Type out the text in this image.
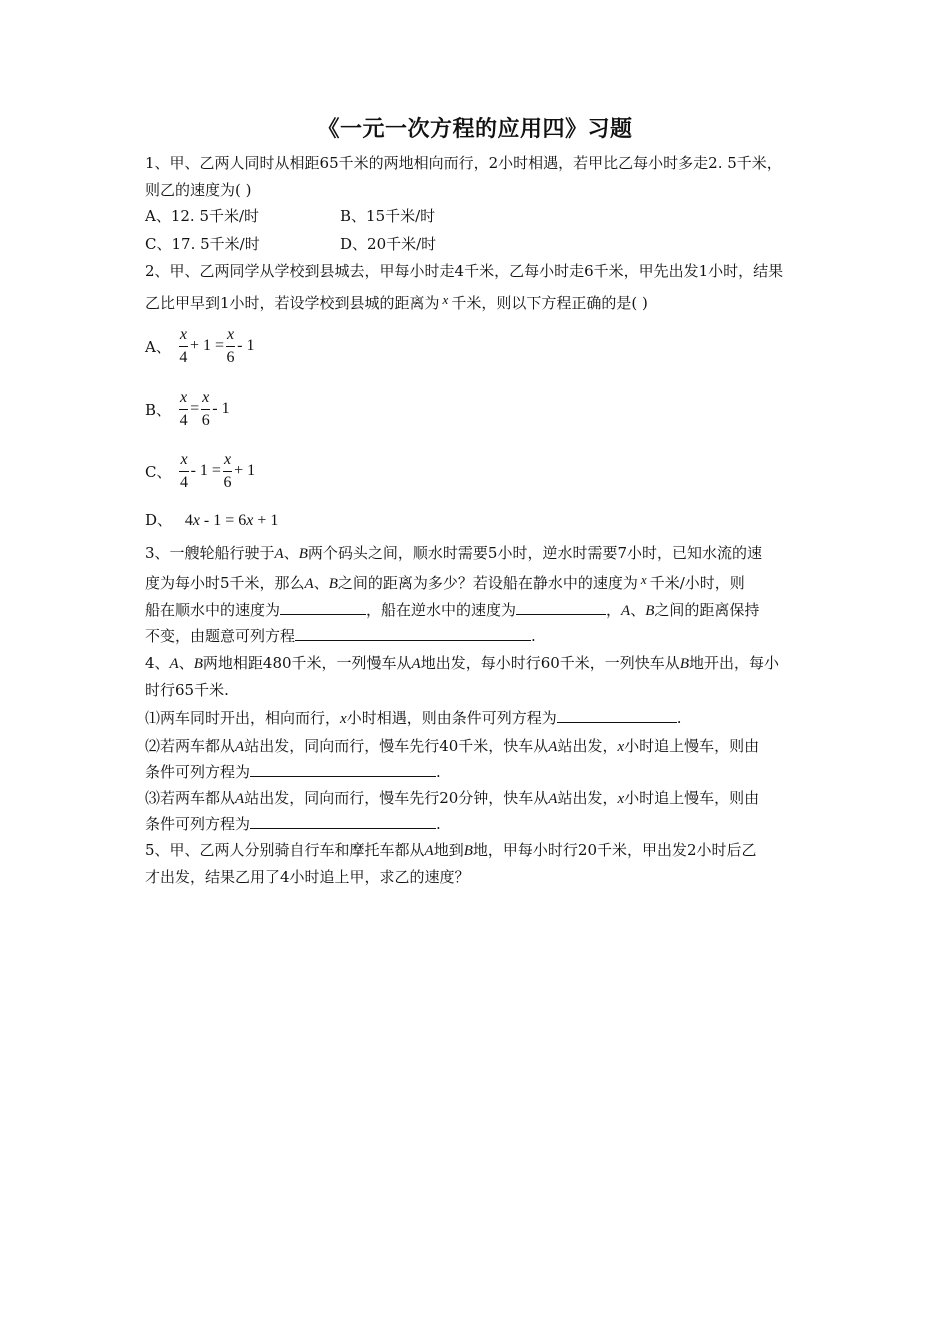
《一元一次方程的应用四》习题
1、甲、乙两人同时从相距65千米的两地相向而行，2小时相遇，若甲比乙每小时多走2. 5千米，
则乙的速度为( )
A、12. 5千米/时	B、15千米/时
C、17. 5千米/时	D、20千米/时
2、甲、乙两同学从学校到县城去，甲每小时走4千米，乙每小时走6千米，甲先出发1小时，结果
乙比甲早到1小时，若设学校到县城的距离为 x 千米，则以下方程正确的是( )
A、 $\frac{x}{4} + 1 = \frac{x}{6} - 1$
B、 $\frac{x}{4} = \frac{x}{6} - 1$
C、 $\frac{x}{4} - 1 = \frac{x}{6} + 1$
D、 4x - 1 = 6x + 1
3、一艘轮船行驶于A、B两个码头之间，顺水时需要5小时，逆水时需要7小时，已知水流的速
度为每小时5千米，那么A、B之间的距离为多少？若设船在静水中的速度为 x 千米/小时，则
船在顺水中的速度为	，船在逆水中的速度为	，A、B之间的距离保持
不变，由题意可列方程	.
4、A、B两地相距480千米，一列慢车从A地出发，每小时行60千米，一列快车从B地开出，每小
时行65千米.
⑴两车同时开出，相向而行，x小时相遇，则由条件可列方程为	.
⑵若两车都从A站出发，同向而行，慢车先行40千米，快车从A站出发，x小时追上慢车，则由
条件可列方程为	.
⑶若两车都从A站出发，同向而行，慢车先行20分钟，快车从A站出发，x小时追上慢车，则由
条件可列方程为	.
5、甲、乙两人分别骑自行车和摩托车都从A地到B地，甲每小时行20千米，甲出发2小时后乙
才出发，结果乙用了4小时追上甲，求乙的速度？
